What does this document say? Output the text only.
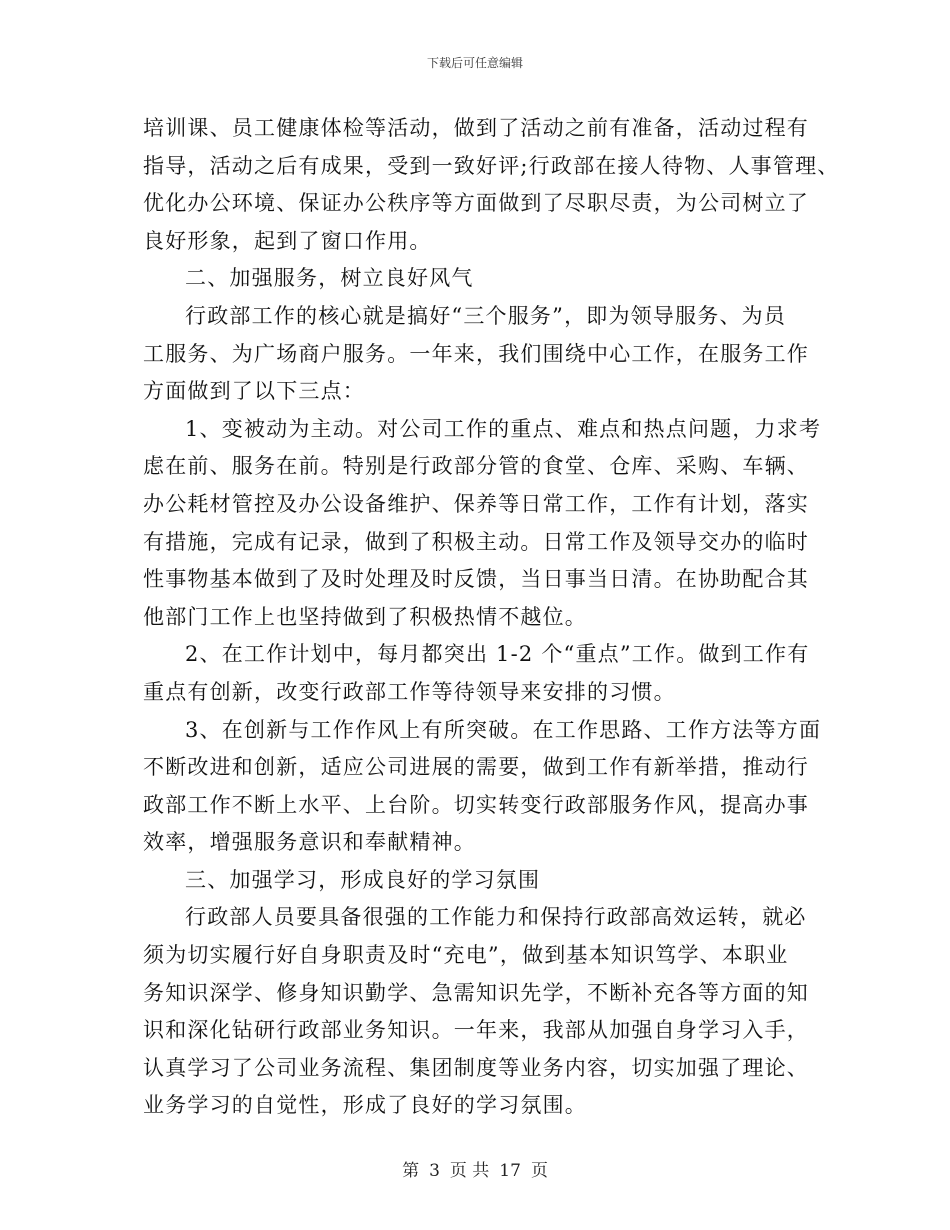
下载后可任意编辑
培训课、员工健康体检等活动，做到了活动之前有准备，活动过程有
指导，活动之后有成果，受到一致好评;行政部在接人待物、人事管理、
优化办公环境、保证办公秩序等方面做到了尽职尽责，为公司树立了
良好形象，起到了窗口作用。
二、加强服务，树立良好风气
行政部工作的核心就是搞好“三个服务”，即为领导服务、为员
工服务、为广场商户服务。一年来，我们围绕中心工作，在服务工作
方面做到了以下三点：
1、变被动为主动。对公司工作的重点、难点和热点问题，力求考
虑在前、服务在前。特别是行政部分管的食堂、仓库、采购、车辆、
办公耗材管控及办公设备维护、保养等日常工作，工作有计划，落实
有措施，完成有记录，做到了积极主动。日常工作及领导交办的临时
性事物基本做到了及时处理及时反馈，当日事当日清。在协助配合其
他部门工作上也坚持做到了积极热情不越位。
2、在工作计划中，每月都突出 1-2 个“重点”工作。做到工作有
重点有创新，改变行政部工作等待领导来安排的习惯。
3、在创新与工作作风上有所突破。在工作思路、工作方法等方面
不断改进和创新，适应公司进展的需要，做到工作有新举措，推动行
政部工作不断上水平、上台阶。切实转变行政部服务作风，提高办事
效率，增强服务意识和奉献精神。
三、加强学习，形成良好的学习氛围
行政部人员要具备很强的工作能力和保持行政部高效运转，就必
须为切实履行好自身职责及时“充电”，做到基本知识笃学、本职业
务知识深学、修身知识勤学、急需知识先学，不断补充各等方面的知
识和深化钻研行政部业务知识。一年来，我部从加强自身学习入手，
认真学习了公司业务流程、集团制度等业务内容，切实加强了理论、
业务学习的自觉性，形成了良好的学习氛围。
第 3 页 共 17 页
